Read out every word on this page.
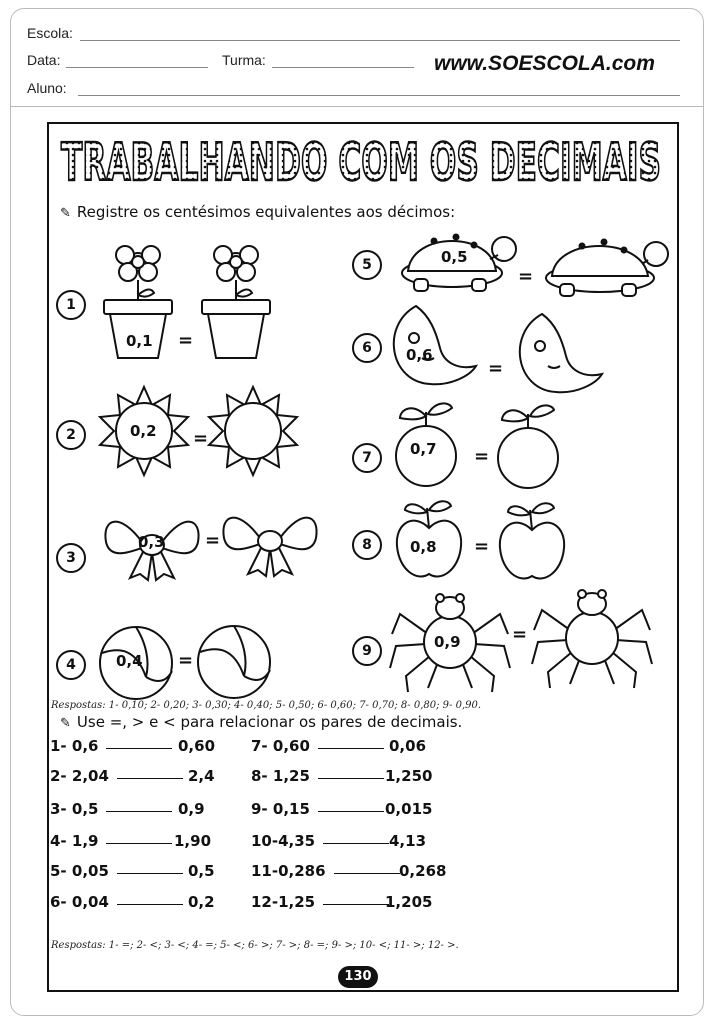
Escola:
Data:	Turma:	www.SOESCOLA.com
Aluno:
TRABALHANDO COM OS DECIMAIS
✎ Registre os centésimos equivalentes aos décimos:
1
2
3
4
5
6
7
8
9
0,1 =
0,2 =
0,3 =
0,4 =
0,5
=
0,6
=
0,7 =
0,8 =
0,9	=
Respostas: 1- 0,10; 2- 0,20; 3- 0,30; 4- 0,40; 5- 0,50; 6- 0,60; 7- 0,70; 8- 0,80; 9- 0,90.
✎ Use =, > e < para relacionar os pares de decimais.
1- 0,6	0,60
2- 2,04	2,4
3- 0,5	0,9
4- 1,9	1,90
5- 0,05	0,5
6- 0,04	0,2
7- 0,60	0,06
8- 1,25	1,250
9- 0,15	0,015
10-4,35	4,13
11-0,286	0,268
12-1,25	1,205
Respostas: 1- =; 2- <; 3- <; 4- =; 5- <; 6- >; 7- >; 8- =; 9- >; 10- <; 11- >; 12- >.
130
